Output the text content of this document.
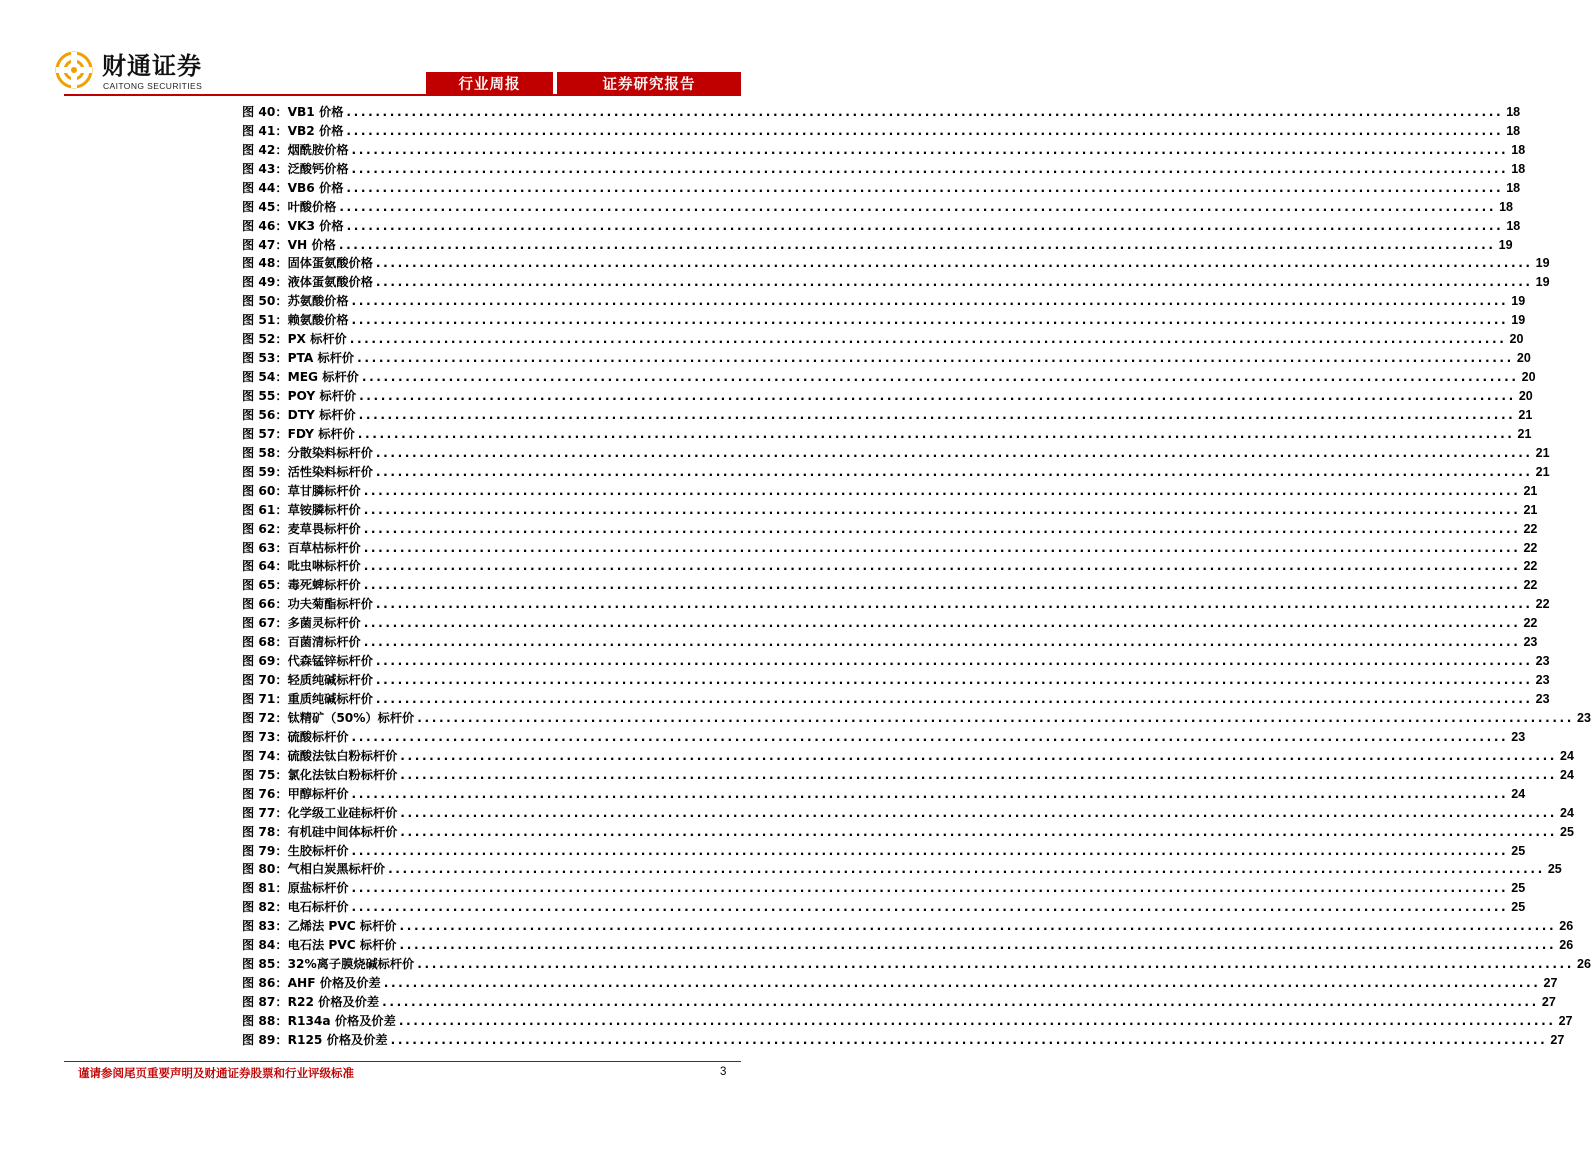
财通证券
CAITONG SECURITIES	行业周报	证券研究报告
图 40： VB1 价格 ................................................................................................................................................................ 18
图 41： VB2 价格 ................................................................................................................................................................ 18
图 42： 烟酰胺价格 ................................................................................................................................................................ 18
图 43： 泛酸钙价格 ................................................................................................................................................................ 18
图 44： VB6 价格 ................................................................................................................................................................ 18
图 45： 叶酸价格 ................................................................................................................................................................ 18
图 46： VK3 价格 ................................................................................................................................................................ 18
图 47： VH 价格 ................................................................................................................................................................ 19
图 48： 固体蛋氨酸价格 ................................................................................................................................................................ 19
图 49： 液体蛋氨酸价格 ................................................................................................................................................................ 19
图 50： 苏氨酸价格 ................................................................................................................................................................ 19
图 51： 赖氨酸价格 ................................................................................................................................................................ 19
图 52： PX 标杆价 ................................................................................................................................................................ 20
图 53： PTA 标杆价 ................................................................................................................................................................ 20
图 54： MEG 标杆价 ................................................................................................................................................................ 20
图 55： POY 标杆价 ................................................................................................................................................................ 20
图 56： DTY 标杆价 ................................................................................................................................................................ 21
图 57： FDY 标杆价 ................................................................................................................................................................ 21
图 58： 分散染料标杆价 ................................................................................................................................................................ 21
图 59： 活性染料标杆价 ................................................................................................................................................................ 21
图 60： 草甘膦标杆价 ................................................................................................................................................................ 21
图 61： 草铵膦标杆价 ................................................................................................................................................................ 21
图 62： 麦草畏标杆价 ................................................................................................................................................................ 22
图 63： 百草枯标杆价 ................................................................................................................................................................ 22
图 64： 吡虫啉标杆价 ................................................................................................................................................................ 22
图 65： 毒死蜱标杆价 ................................................................................................................................................................ 22
图 66： 功夫菊酯标杆价 ................................................................................................................................................................ 22
图 67： 多菌灵标杆价 ................................................................................................................................................................ 22
图 68： 百菌清标杆价 ................................................................................................................................................................ 23
图 69： 代森锰锌标杆价 ................................................................................................................................................................ 23
图 70： 轻质纯碱标杆价 ................................................................................................................................................................ 23
图 71： 重质纯碱标杆价 ................................................................................................................................................................ 23
图 72： 钛精矿（50%）标杆价 ................................................................................................................................................................ 23
图 73： 硫酸标杆价 ................................................................................................................................................................ 23
图 74： 硫酸法钛白粉标杆价 ................................................................................................................................................................ 24
图 75： 氯化法钛白粉标杆价 ................................................................................................................................................................ 24
图 76： 甲醇标杆价 ................................................................................................................................................................ 24
图 77： 化学级工业硅标杆价 ................................................................................................................................................................ 24
图 78： 有机硅中间体标杆价 ................................................................................................................................................................ 25
图 79： 生胶标杆价 ................................................................................................................................................................ 25
图 80： 气相白炭黑标杆价 ................................................................................................................................................................ 25
图 81： 原盐标杆价 ................................................................................................................................................................ 25
图 82： 电石标杆价 ................................................................................................................................................................ 25
图 83： 乙烯法 PVC 标杆价 ................................................................................................................................................................ 26
图 84： 电石法 PVC 标杆价 ................................................................................................................................................................ 26
图 85： 32%离子膜烧碱标杆价 ................................................................................................................................................................ 26
图 86： AHF 价格及价差 ................................................................................................................................................................ 27
图 87： R22 价格及价差 ................................................................................................................................................................ 27
图 88： R134a 价格及价差 ................................................................................................................................................................ 27
图 89： R125 价格及价差 ................................................................................................................................................................ 27
谨请参阅尾页重要声明及财通证券股票和行业评级标准	3
